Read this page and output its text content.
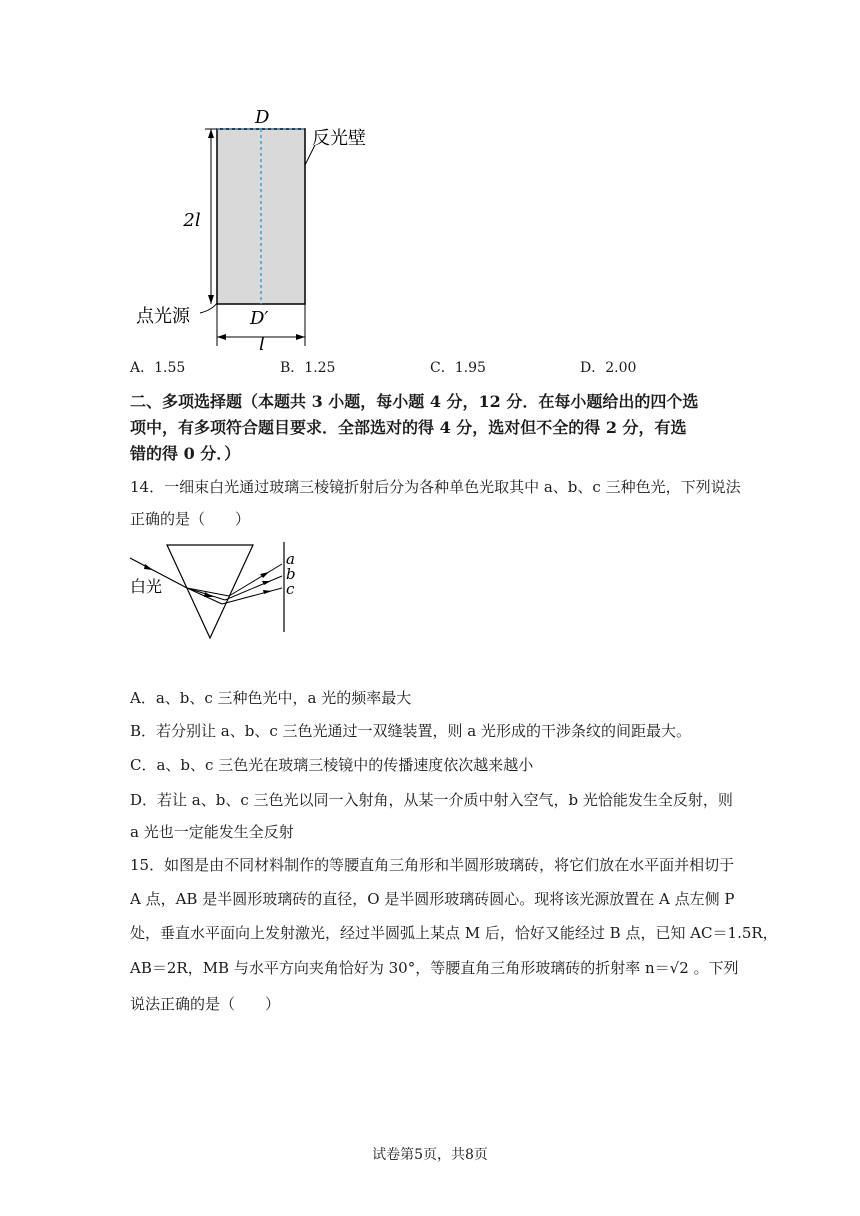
D
反光壁
2l
点光源	D′
l
A．1.55	B．1.25	C．1.95	D．2.00
二、多项选择题（本题共 3 小题，每小题 4 分，12 分．在每小题给出的四个选
项中，有多项符合题目要求．全部选对的得 4 分，选对但不全的得 2 分，有选
错的得 0 分．）
14．一细束白光通过玻璃三棱镜折射后分为各种单色光取其中 a、b、c 三种色光，下列说法
正确的是（　　）
白光
a
b
c
A．a、b、c 三种色光中，a 光的频率最大
B．若分别让 a、b、c 三色光通过一双缝装置，则 a 光形成的干涉条纹的间距最大。
C．a、b、c 三色光在玻璃三棱镜中的传播速度依次越来越小
D．若让 a、b、c 三色光以同一入射角，从某一介质中射入空气，b 光恰能发生全反射，则
a 光也一定能发生全反射
15．如图是由不同材料制作的等腰直角三角形和半圆形玻璃砖，将它们放在水平面并相切于
A 点，AB 是半圆形玻璃砖的直径，O 是半圆形玻璃砖圆心。现将该光源放置在 A 点左侧 P
处，垂直水平面向上发射激光，经过半圆弧上某点 M 后，恰好又能经过 B 点，已知 AC＝1.5R，
AB＝2R，MB 与水平方向夹角恰好为 30°，等腰直角三角形玻璃砖的折射率 n＝√2 。下列
说法正确的是（　　）
试卷第5页，共8页
